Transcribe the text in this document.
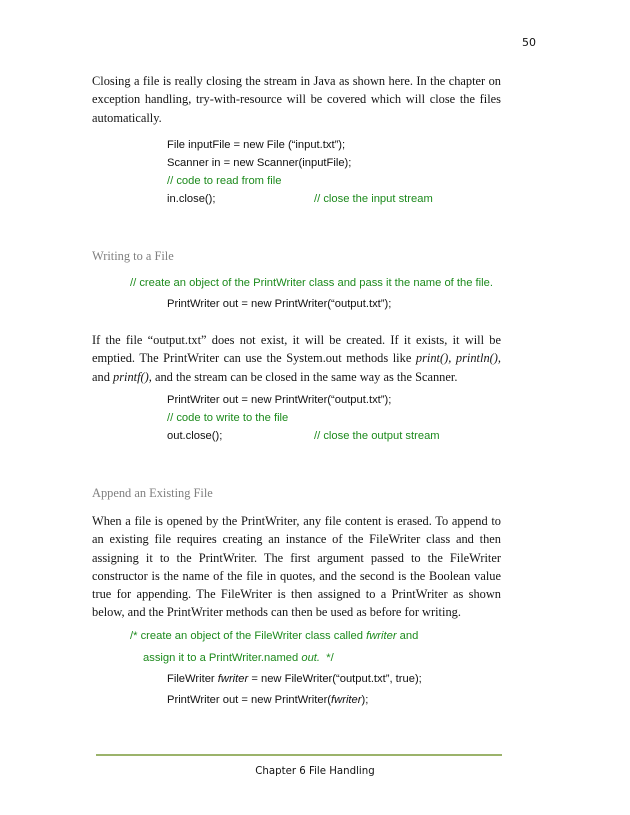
50

Closing a file is really closing the stream in Java as shown here. In the chapter on exception handling, try-with-resource will be covered which will close the files automatically.

File inputFile = new File (“input.txt”);
Scanner in = new Scanner(inputFile);
// code to read from file
in.close();	// close the input stream
Writing to a File
// create an object of the PrintWriter class and pass it the name of the file.
PrintWriter out = new PrintWriter(“output.txt”);

If the file “output.txt” does not exist, it will be created. If it exists, it will be emptied. The PrintWriter can use the System.out methods like print(), println(), and printf(), and the stream can be closed in the same way as the Scanner.

PrintWriter out = new PrintWriter(“output.txt”);
// code to write to the file
out.close();	// close the output stream
Append an Existing File

When a file is opened by the PrintWriter, any file content is erased. To append to an existing file requires creating an instance of the FileWriter class and then assigning it to the PrintWriter. The first argument passed to the FileWriter constructor is the name of the file in quotes, and the second is the Boolean value true for appending. The FileWriter is then assigned to a PrintWriter as shown below, and the PrintWriter methods can then be used as before for writing.

/* create an object of the FileWriter class called fwriter and
assign it to a PrintWriter.named out.  */
FileWriter fwriter = new FileWriter(“output.txt”, true);
PrintWriter out = new PrintWriter(fwriter);
Chapter 6 File Handling
